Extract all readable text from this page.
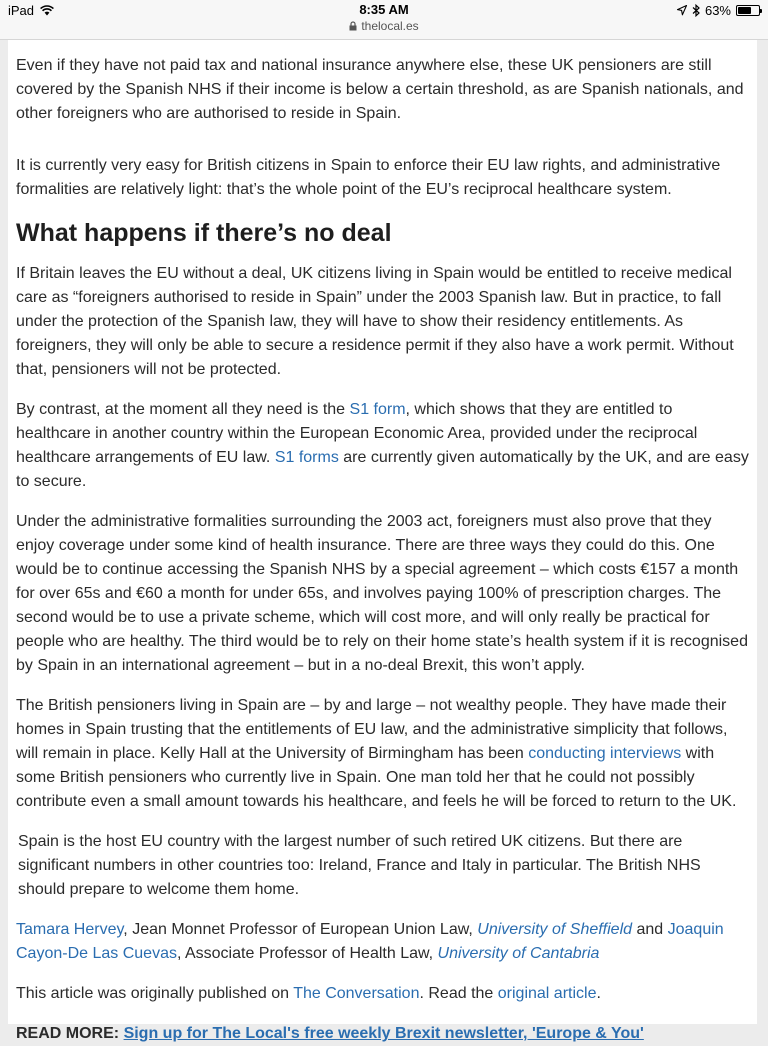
iPad	8:35 AM
thelocal.es
63%

Even if they have not paid tax and national insurance anywhere else, these UK pensioners are still covered by the Spanish NHS if their income is below a certain threshold, as are Spanish nationals, and other foreigners who are authorised to reside in Spain.

It is currently very easy for British citizens in Spain to enforce their EU law rights, and administrative formalities are relatively light: that’s the whole point of the EU’s reciprocal healthcare system.

What happens if there’s no deal

If Britain leaves the EU without a deal, UK citizens living in Spain would be entitled to receive medical care as “foreigners authorised to reside in Spain” under the 2003 Spanish law. But in practice, to fall under the protection of the Spanish law, they will have to show their residency entitlements. As foreigners, they will only be able to secure a residence permit if they also have a work permit. Without that, pensioners will not be protected.

By contrast, at the moment all they need is the S1 form, which shows that they are entitled to healthcare in another country within the European Economic Area, provided under the reciprocal healthcare arrangements of EU law. S1 forms are currently given automatically by the UK, and are easy to secure.

Under the administrative formalities surrounding the 2003 act, foreigners must also prove that they enjoy coverage under some kind of health insurance. There are three ways they could do this. One would be to continue accessing the Spanish NHS by a special agreement – which costs €157 a month for over 65s and €60 a month for under 65s, and involves paying 100% of prescription charges. The second would be to use a private scheme, which will cost more, and will only really be practical for people who are healthy. The third would be to rely on their home state’s health system if it is recognised by Spain in an international agreement – but in a no-deal Brexit, this won’t apply.

The British pensioners living in Spain are – by and large – not wealthy people. They have made their homes in Spain trusting that the entitlements of EU law, and the administrative simplicity that follows, will remain in place. Kelly Hall at the University of Birmingham has been conducting interviews with some British pensioners who currently live in Spain. One man told her that he could not possibly contribute even a small amount towards his healthcare, and feels he will be forced to return to the UK.

Spain is the host EU country with the largest number of such retired UK citizens. But there are significant numbers in other countries too: Ireland, France and Italy in particular. The British NHS should prepare to welcome them home.

Tamara Hervey, Jean Monnet Professor of European Union Law, University of Sheffield and Joaquin Cayon-De Las Cuevas, Associate Professor of Health Law, University of Cantabria

This article was originally published on The Conversation. Read the original article.

READ MORE: Sign up for The Local's free weekly Brexit newsletter, 'Europe & You'
